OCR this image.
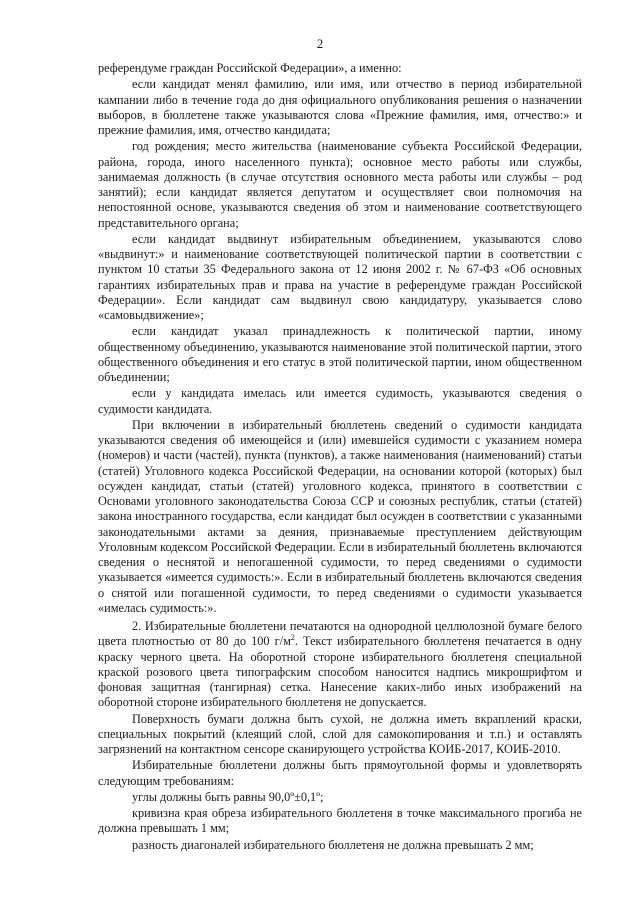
2

референдуме граждан Российской Федерации», а именно:

если кандидат менял фамилию, или имя, или отчество в период избирательной кампании либо в течение года до дня официального опубликования решения о назначении выборов, в бюллетене также указываются слова «Прежние фамилия, имя, отчество:» и прежние фамилия, имя, отчество кандидата;

год рождения; место жительства (наименование субъекта Российской Федерации, района, города, иного населенного пункта); основное место работы или службы, занимаемая должность (в случае отсутствия основного места работы или службы – род занятий); если кандидат является депутатом и осуществляет свои полномочия на непостоянной основе, указываются сведения об этом и наименование соответствующего представительного органа;

если кандидат выдвинут избирательным объединением, указываются слово «выдвинут:» и наименование соответствующей политической партии в соответствии с пунктом 10 статьи 35 Федерального закона от 12 июня 2002 г. № 67-ФЗ «Об основных гарантиях избирательных прав и права на участие в референдуме граждан Российской Федерации». Если кандидат сам выдвинул свою кандидатуру, указывается слово «самовыдвижение»;

если кандидат указал принадлежность к политической партии, иному общественному объединению, указываются наименование этой политической партии, этого общественного объединения и его статус в этой политической партии, ином общественном объединении;

если у кандидата имелась или имеется судимость, указываются сведения о судимости кандидата.

При включении в избирательный бюллетень сведений о судимости кандидата указываются сведения об имеющейся и (или) имевшейся судимости с указанием номера (номеров) и части (частей), пункта (пунктов), а также наименования (наименований) статьи (статей) Уголовного кодекса Российской Федерации, на основании которой (которых) был осужден кандидат, статьи (статей) уголовного кодекса, принятого в соответствии с Основами уголовного законодательства Союза ССР и союзных республик, статьи (статей) закона иностранного государства, если кандидат был осужден в соответствии с указанными законодательными актами за деяния, признаваемые преступлением действующим Уголовным кодексом Российской Федерации. Если в избирательный бюллетень включаются сведения о неснятой и непогашенной судимости, то перед сведениями о судимости указывается «имеется судимость:». Если в избирательный бюллетень включаются сведения о снятой или погашенной судимости, то перед сведениями о судимости указывается «имелась судимость:».

2. Избирательные бюллетени печатаются на однородной целлюлозной бумаге белого цвета плотностью от 80 до 100 $г/м^2$. Текст избирательного бюллетеня печатается в одну краску черного цвета. На оборотной стороне избирательного бюллетеня специальной краской розового цвета типографским способом наносится надпись микрошрифтом и фоновая защитная (тангирная) сетка. Нанесение каких-либо иных изображений на оборотной стороне избирательного бюллетеня не допускается.

Поверхность бумаги должна быть сухой, не должна иметь вкраплений краски, специальных покрытий (клеящий слой, слой для самокопирования и т.п.) и оставлять загрязнений на контактном сенсоре сканирующего устройства КОИБ-2017, КОИБ-2010.

Избирательные бюллетени должны быть прямоугольной формы и удовлетворять следующим требованиям:

углы должны быть равны 90,0º±0,1º;

кривизна края обреза избирательного бюллетеня в точке максимального прогиба не должна превышать 1 мм;

разность диагоналей избирательного бюллетеня не должна превышать 2 мм;
